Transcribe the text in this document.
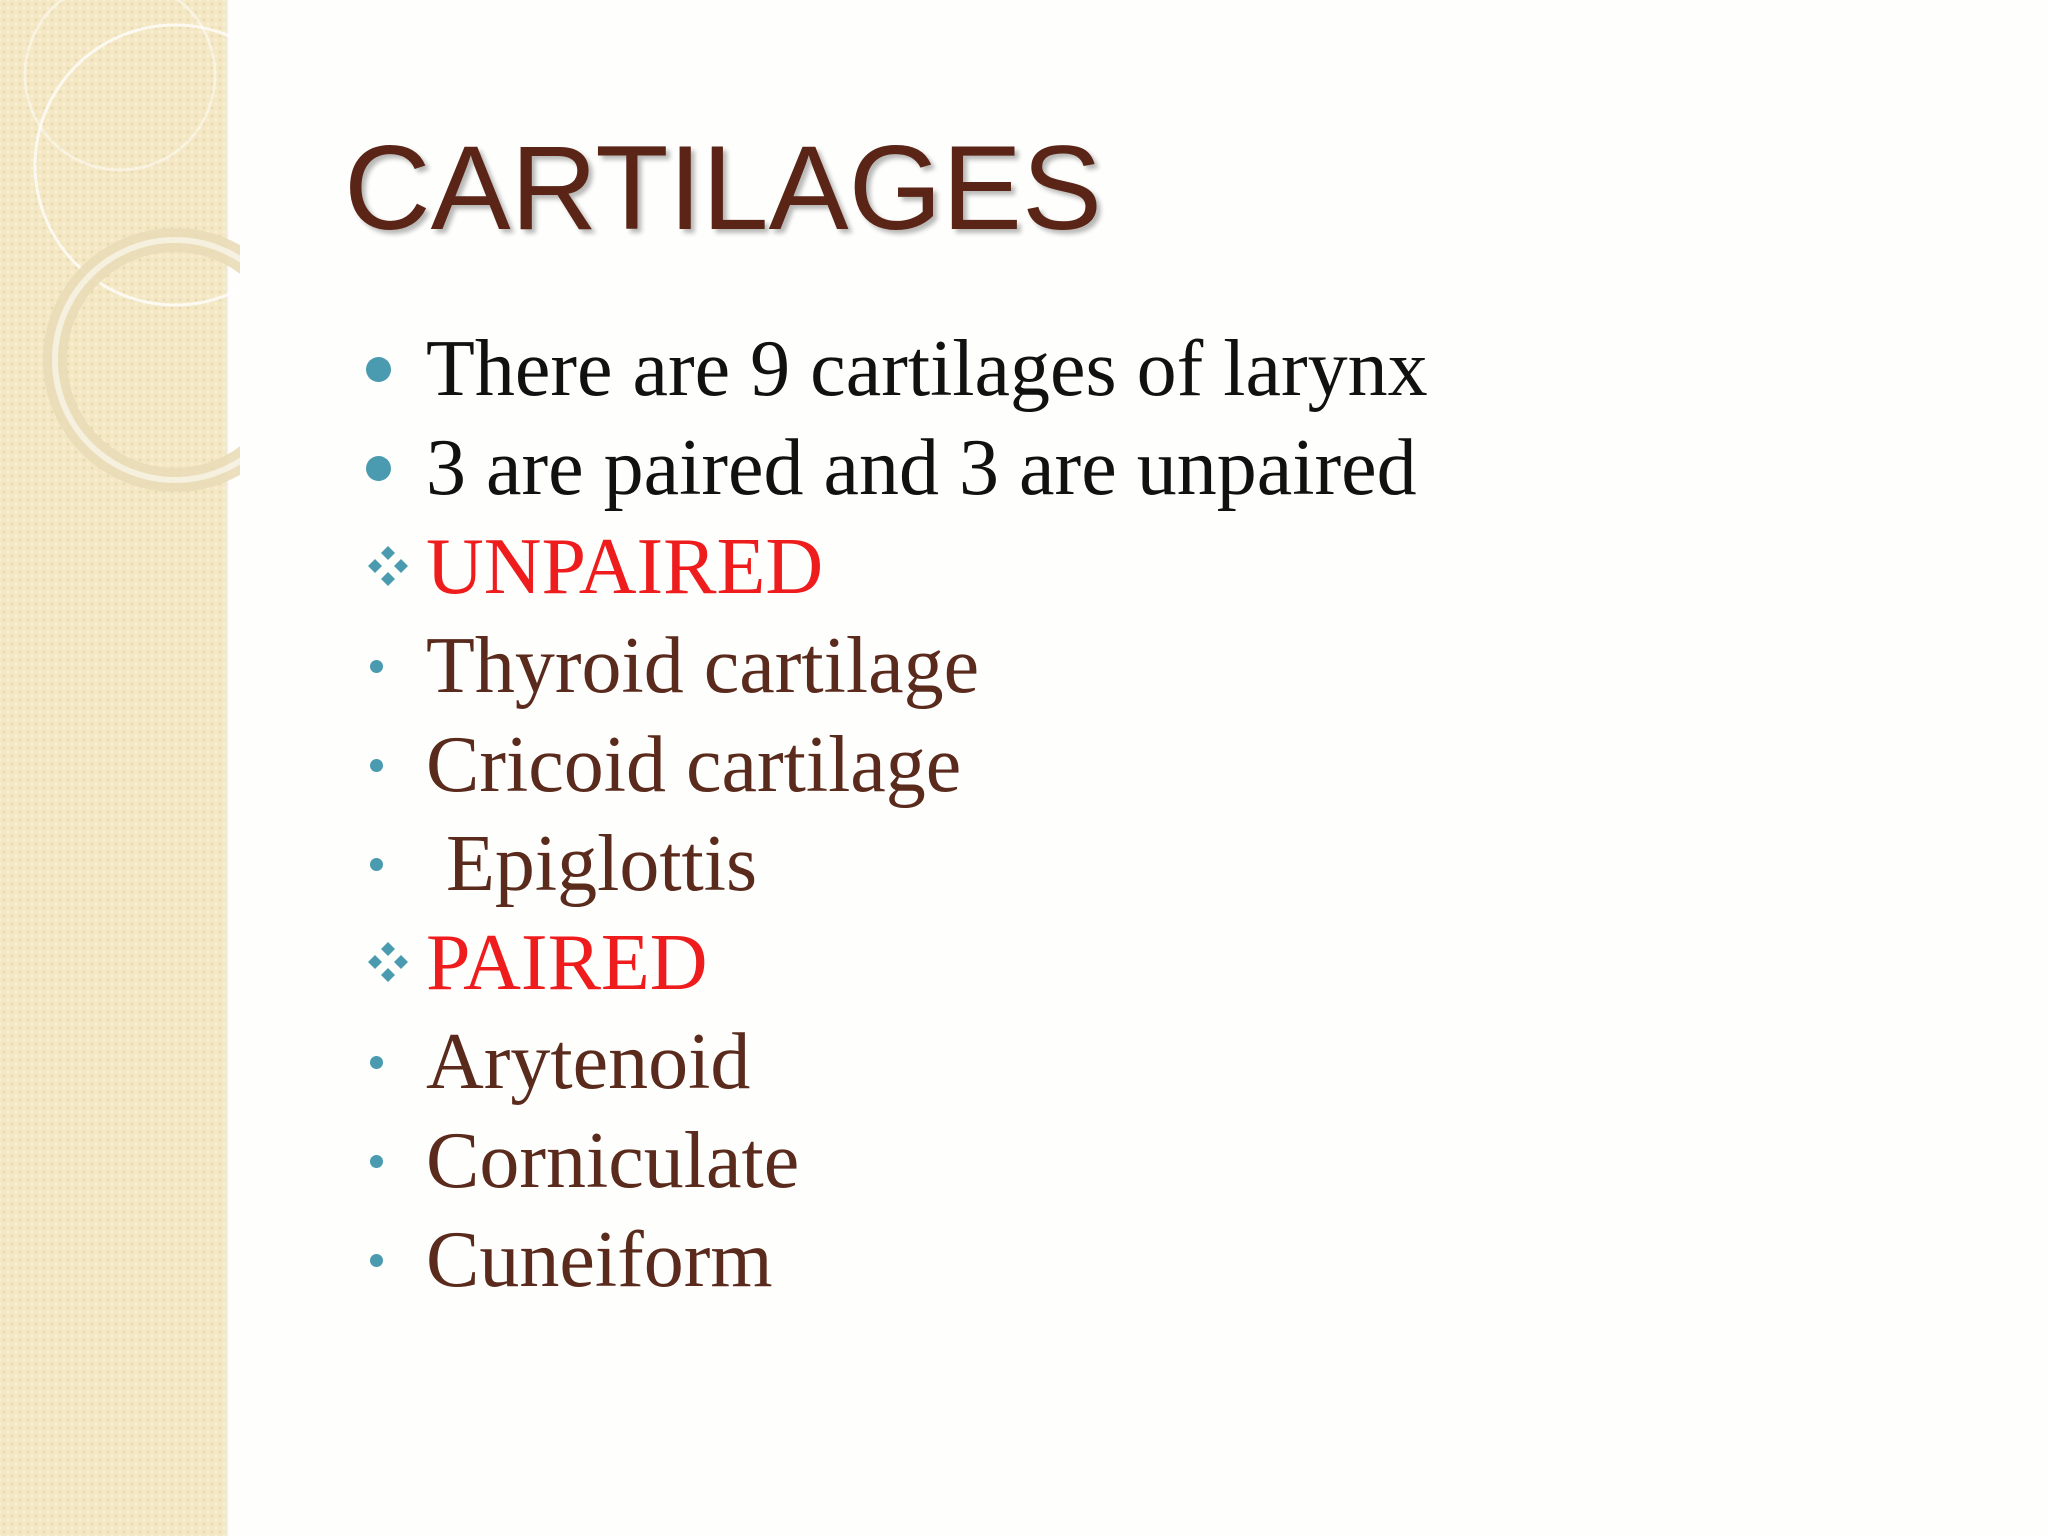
CARTILAGES
There are 9 cartilages of larynx
3 are paired and 3 are unpaired
UNPAIRED
Thyroid cartilage
Cricoid cartilage
Epiglottis
PAIRED
Arytenoid
Corniculate
Cuneiform
